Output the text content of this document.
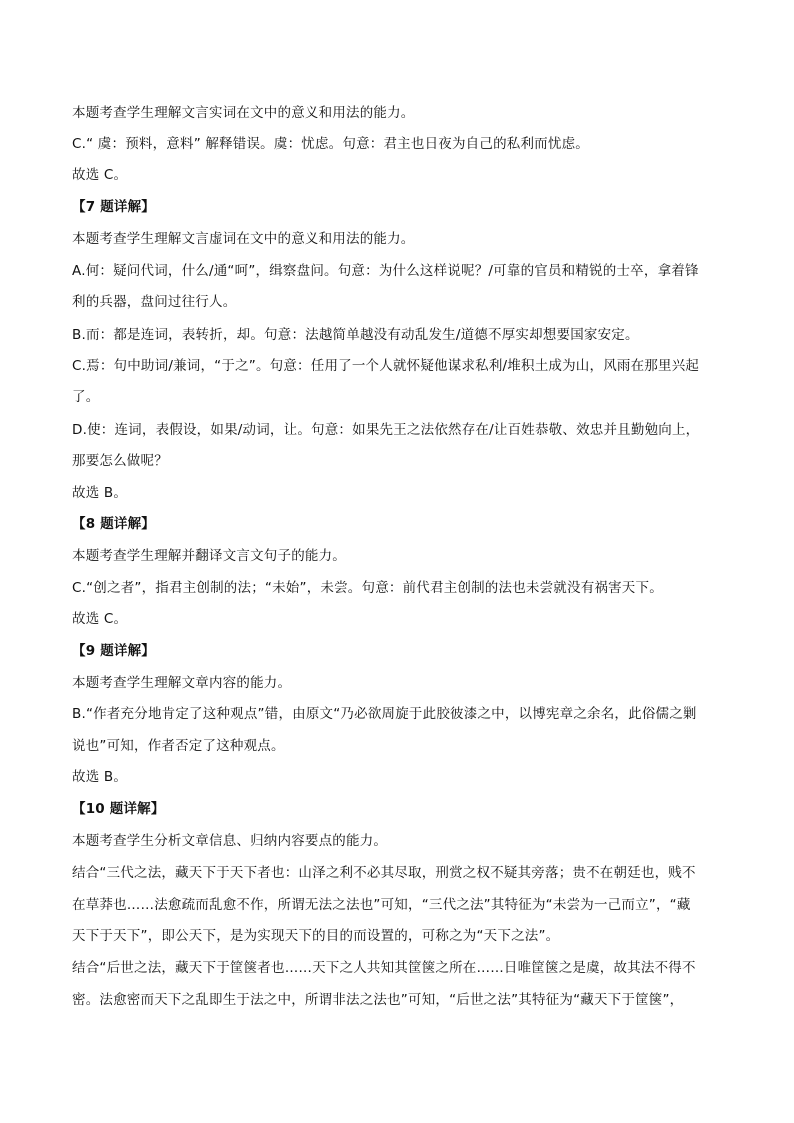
本题考查学生理解文言实词在文中的意义和用法的能力。
C.“ 虞：预料，意料” 解释错误。虞：忧虑。句意：君主也日夜为自己的私利而忧虑。
故选 C。
【7 题详解】
本题考查学生理解文言虚词在文中的意义和用法的能力。
A.何：疑问代词，什么/通“呵”，缉察盘问。句意：为什么这样说呢？/可靠的官员和精锐的士卒，拿着锋
利的兵器，盘问过往行人。
B.而：都是连词，表转折，却。句意：法越简单越没有动乱发生/道德不厚实却想要国家安定。
C.焉：句中助词/兼词，“于之”。句意：任用了一个人就怀疑他谋求私利/堆积土成为山，风雨在那里兴起
了。
D.使：连词，表假设，如果/动词，让。句意：如果先王之法依然存在/让百姓恭敬、效忠并且勤勉向上，
那要怎么做呢？
故选 B。
【8 题详解】
本题考查学生理解并翻译文言文句子的能力。
C.“创之者”，指君主创制的法；“未始”，未尝。句意：前代君主创制的法也未尝就没有祸害天下。
故选 C。
【9 题详解】
本题考查学生理解文章内容的能力。
B.“作者充分地肯定了这种观点”错，由原文“乃必欲周旋于此胶彼漆之中，以博宪章之余名，此俗儒之剿
说也”可知，作者否定了这种观点。
故选 B。
【10 题详解】
本题考查学生分析文章信息、归纳内容要点的能力。
结合“三代之法，藏天下于天下者也：山泽之利不必其尽取，刑赏之权不疑其旁落；贵不在朝廷也，贱不
在草莽也……法愈疏而乱愈不作，所谓无法之法也”可知，“三代之法”其特征为“未尝为一己而立”，“藏
天下于天下”，即公天下，是为实现天下的目的而设置的，可称之为“天下之法”。
结合“后世之法，藏天下于筐箧者也……天下之人共知其筐箧之所在……日唯筐箧之是虞，故其法不得不
密。法愈密而天下之乱即生于法之中，所谓非法之法也”可知，“后世之法”其特征为“藏天下于筐箧”，
